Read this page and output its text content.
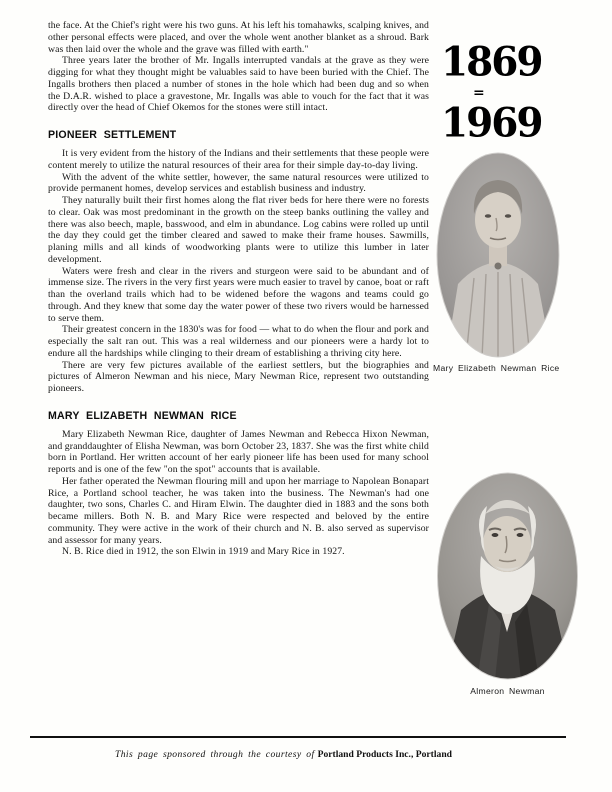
the face. At the Chief's right were his two guns. At his left his tomahawks, scalping knives, and other personal effects were placed, and over the whole went another blanket as a shroud. Bark was then laid over the whole and the grave was filled with earth."

Three years later the brother of Mr. Ingalls interrupted vandals at the grave as they were digging for what they thought might be valuables said to have been buried with the Chief. The Ingalls brothers then placed a number of stones in the hole which had been dug and so when the D.A.R. wished to place a gravestone, Mr. Ingalls was able to vouch for the fact that it was directly over the head of Chief Okemos for the stones were still intact.

PIONEER SETTLEMENT

It is very evident from the history of the Indians and their settlements that these people were content merely to utilize the natural resources of their area for their simple day-to-day living.

With the advent of the white settler, however, the same natural resources were utilized to provide permanent homes, develop services and establish business and industry.

They naturally built their first homes along the flat river beds for here there were no forests to clear. Oak was most predominant in the growth on the steep banks outlining the valley and there was also beech, maple, basswood, and elm in abundance. Log cabins were rolled up until the day they could get the timber cleared and sawed to make their frame houses. Sawmills, planing mills and all kinds of woodworking plants were to utilize this lumber in later development.

Waters were fresh and clear in the rivers and sturgeon were said to be abundant and of immense size. The rivers in the very first years were much easier to travel by canoe, boat or raft than the overland trails which had to be widened before the wagons and teams could go through. And they knew that some day the water power of these two rivers would be harnessed to serve them.

Their greatest concern in the 1830's was for food — what to do when the flour and pork and especially the salt ran out. This was a real wilderness and our pioneers were a hardy lot to endure all the hardships while clinging to their dream of establishing a thriving city here.

There are very few pictures available of the earliest settlers, but the biographies and pictures of Almeron Newman and his niece, Mary Newman Rice, represent two outstanding pioneers.

MARY ELIZABETH NEWMAN RICE

Mary Elizabeth Newman Rice, daughter of James Newman and Rebecca Hixon Newman, and granddaughter of Elisha Newman, was born October 23, 1837. She was the first white child born in Portland. Her written account of her early pioneer life has been used for many school reports and is one of the few "on the spot" accounts that is available.

Her father operated the Newman flouring mill and upon her marriage to Napolean Bonapart Rice, a Portland school teacher, he was taken into the business. The Newman's had one daughter, two sons, Charles C. and Hiram Elwin. The daughter died in 1883 and the sons both became millers. Both N. B. and Mary Rice were respected and beloved by the entire community. They were active in the work of their church and N. B. also served as supervisor and assessor for many years.

N. B. Rice died in 1912, the son Elwin in 1919 and Mary Rice in 1927.

1869
=
1969
Mary Elizabeth Newman Rice
Almeron Newman
This page sponsored through the courtesy of Portland Products Inc., Portland
